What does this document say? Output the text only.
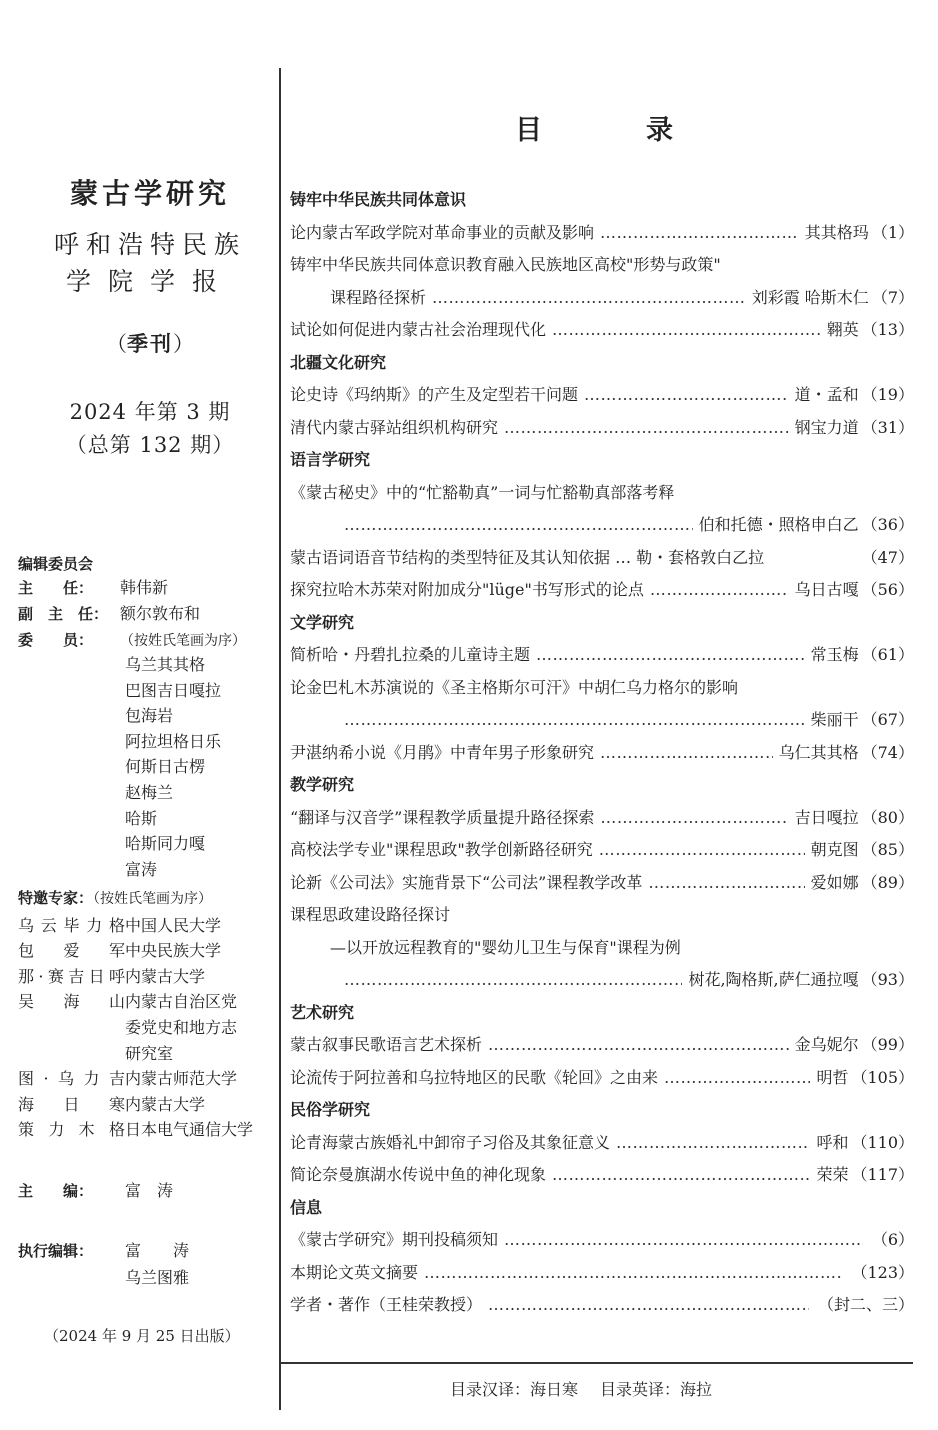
蒙古学研究
呼和浩特民族
学院学报
（季刊）
2024 年第 3 期
（总第 132 期）
编辑委员会
主　　任： 韩伟新
副　主　任： 额尔敦布和
委　　员： （按姓氏笔画为序）
乌兰其其格
巴图吉日嘎拉
包海岩
阿拉坦格日乐
何斯日古楞
赵梅兰
哈斯
哈斯同力嘎
富涛
特邀专家：（按姓氏笔画为序）
乌云毕力格 中国人民大学
包爱军 中央民族大学
那·赛吉日呼 内蒙古大学
吴海山 内蒙古自治区党
委党史和地方志
研究室
图·乌力吉 内蒙古师范大学
海日寒 内蒙古大学
策力木格 日本电气通信大学
主　　编： 富　涛
执行编辑： 富　　涛
乌兰图雅
（2024 年 9 月 25 日出版）
目录
铸牢中华民族共同体意识
论内蒙古军政学院对革命事业的贡献及影响 …………………………………………………………………………………………………………	其其格玛 （1）
铸牢中华民族共同体意识教育融入民族地区高校"形势与政策"
课程路径探析 …………………………………………………………………………………………………………	刘彩霞 哈斯木仁 （7）
试论如何促进内蒙古社会治理现代化 …………………………………………………………………………………………………………	翱英 （13）
北疆文化研究
论史诗《玛纳斯》的产生及定型若干问题 …………………………………………………………………………………………………………	道・孟和 （19）
清代内蒙古驿站组织机构研究 …………………………………………………………………………………………………………	钢宝力道 （31）
语言学研究
《蒙古秘史》中的“忙豁勒真”一词与忙豁勒真部落考释
…………………………………………………………………………………………………………
伯和托德・照格申白乙 （36）
蒙古语词语音节结构的类型特征及其认知依据 … 勒・套格敦白乙拉	（47）
探究拉哈木苏荣对附加成分"lüge"书写形式的论点 …………………………………………………………………………………………………………	乌日古嘎 （56）
文学研究
简析哈・丹碧扎拉桑的儿童诗主题 …………………………………………………………………………………………………………	常玉梅 （61）
论金巴札木苏演说的《圣主格斯尔可汗》中胡仁乌力格尔的影响
…………………………………………………………………………………………………………
柴丽干 （67）
尹湛纳希小说《月鹃》中青年男子形象研究 …………………………………………………………………………………………………………	乌仁其其格 （74）
教学研究
“翻译与汉音学”课程教学质量提升路径探索 …………………………………………………………………………………………………………	吉日嘎拉 （80）
高校法学专业"课程思政"教学创新路径研究 …………………………………………………………………………………………………………	朝克图 （85）
论新《公司法》实施背景下“公司法”课程教学改革 …………………………………………………………………………………………………………	爱如娜 （89）
课程思政建设路径探讨
—以开放远程教育的"婴幼儿卫生与保育"课程为例
…………………………………………………………………………………………………………
树花,陶格斯,萨仁通拉嘎 （93）
艺术研究
蒙古叙事民歌语言艺术探析 …………………………………………………………………………………………………………	金乌妮尔 （99）
论流传于阿拉善和乌拉特地区的民歌《轮回》之由来 …………………………………………………………………………………………………………	明哲 （105）
民俗学研究
论青海蒙古族婚礼中卸帘子习俗及其象征意义 …………………………………………………………………………………………………………	呼和 （110）
简论奈曼旗湖水传说中鱼的神化现象 …………………………………………………………………………………………………………	荣荣 （117）
信息
《蒙古学研究》期刊投稿须知 …………………………………………………………………………………………………………	（6）
本期论文英文摘要 …………………………………………………………………………………………………………	（123）
学者・著作（王桂荣教授） …………………………………………………………………………………………………………	（封二、三）
目录汉译：海日寒 目录英译：海拉
